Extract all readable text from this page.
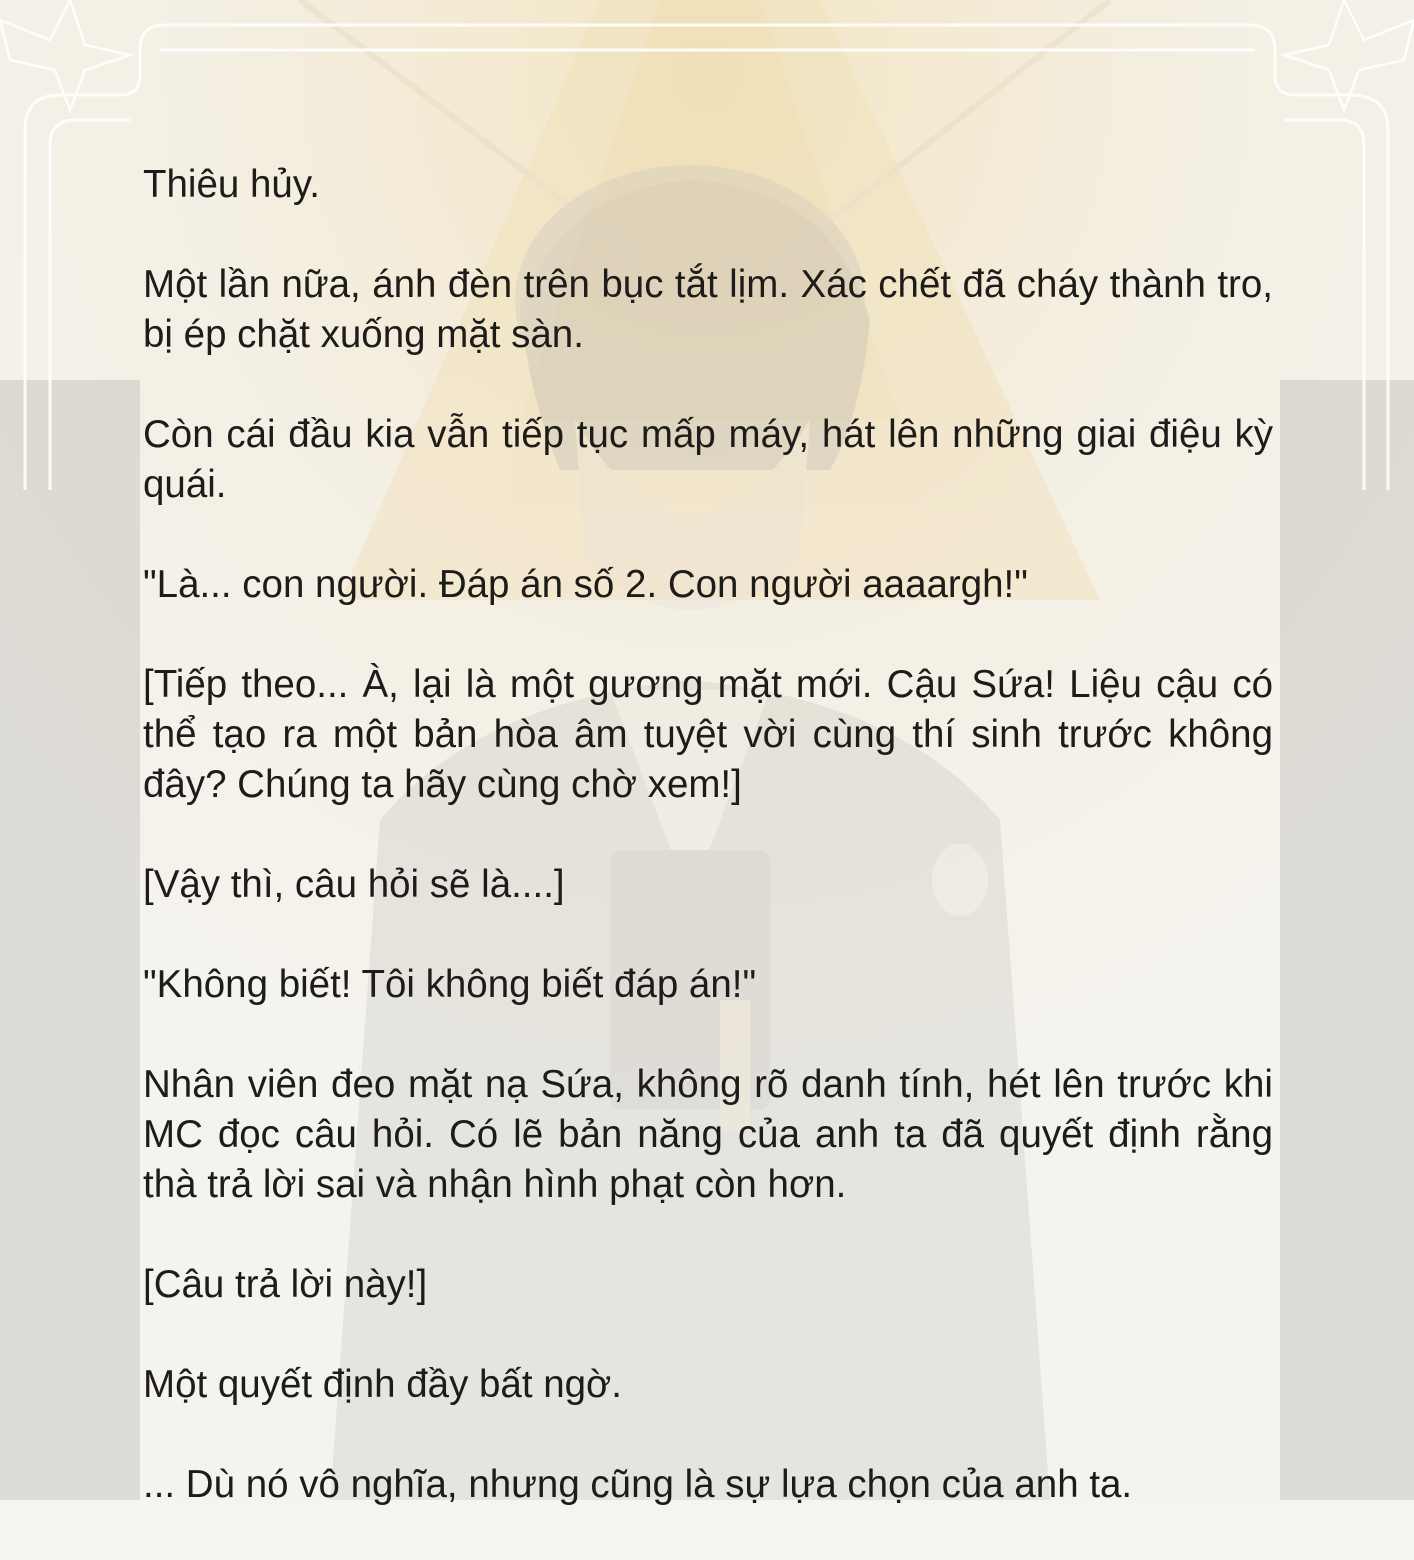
Thiêu hủy.

Một lần nữa, ánh đèn trên bục tắt lịm. Xác chết đã cháy thành tro, bị ép chặt xuống mặt sàn.

Còn cái đầu kia vẫn tiếp tục mấp máy, hát lên những giai điệu kỳ quái.

"Là... con người. Đáp án số 2. Con người aaaargh!"

[Tiếp theo... À, lại là một gương mặt mới. Cậu Sứa! Liệu cậu có thể tạo ra một bản hòa âm tuyệt vời cùng thí sinh trước không đây? Chúng ta hãy cùng chờ xem!]

[Vậy thì, câu hỏi sẽ là....]

"Không biết! Tôi không biết đáp án!"

Nhân viên đeo mặt nạ Sứa, không rõ danh tính, hét lên trước khi MC đọc câu hỏi. Có lẽ bản năng của anh ta đã quyết định rằng thà trả lời sai và nhận hình phạt còn hơn.

[Câu trả lời này!]

Một quyết định đầy bất ngờ.

... Dù nó vô nghĩa, nhưng cũng là sự lựa chọn của anh ta.
